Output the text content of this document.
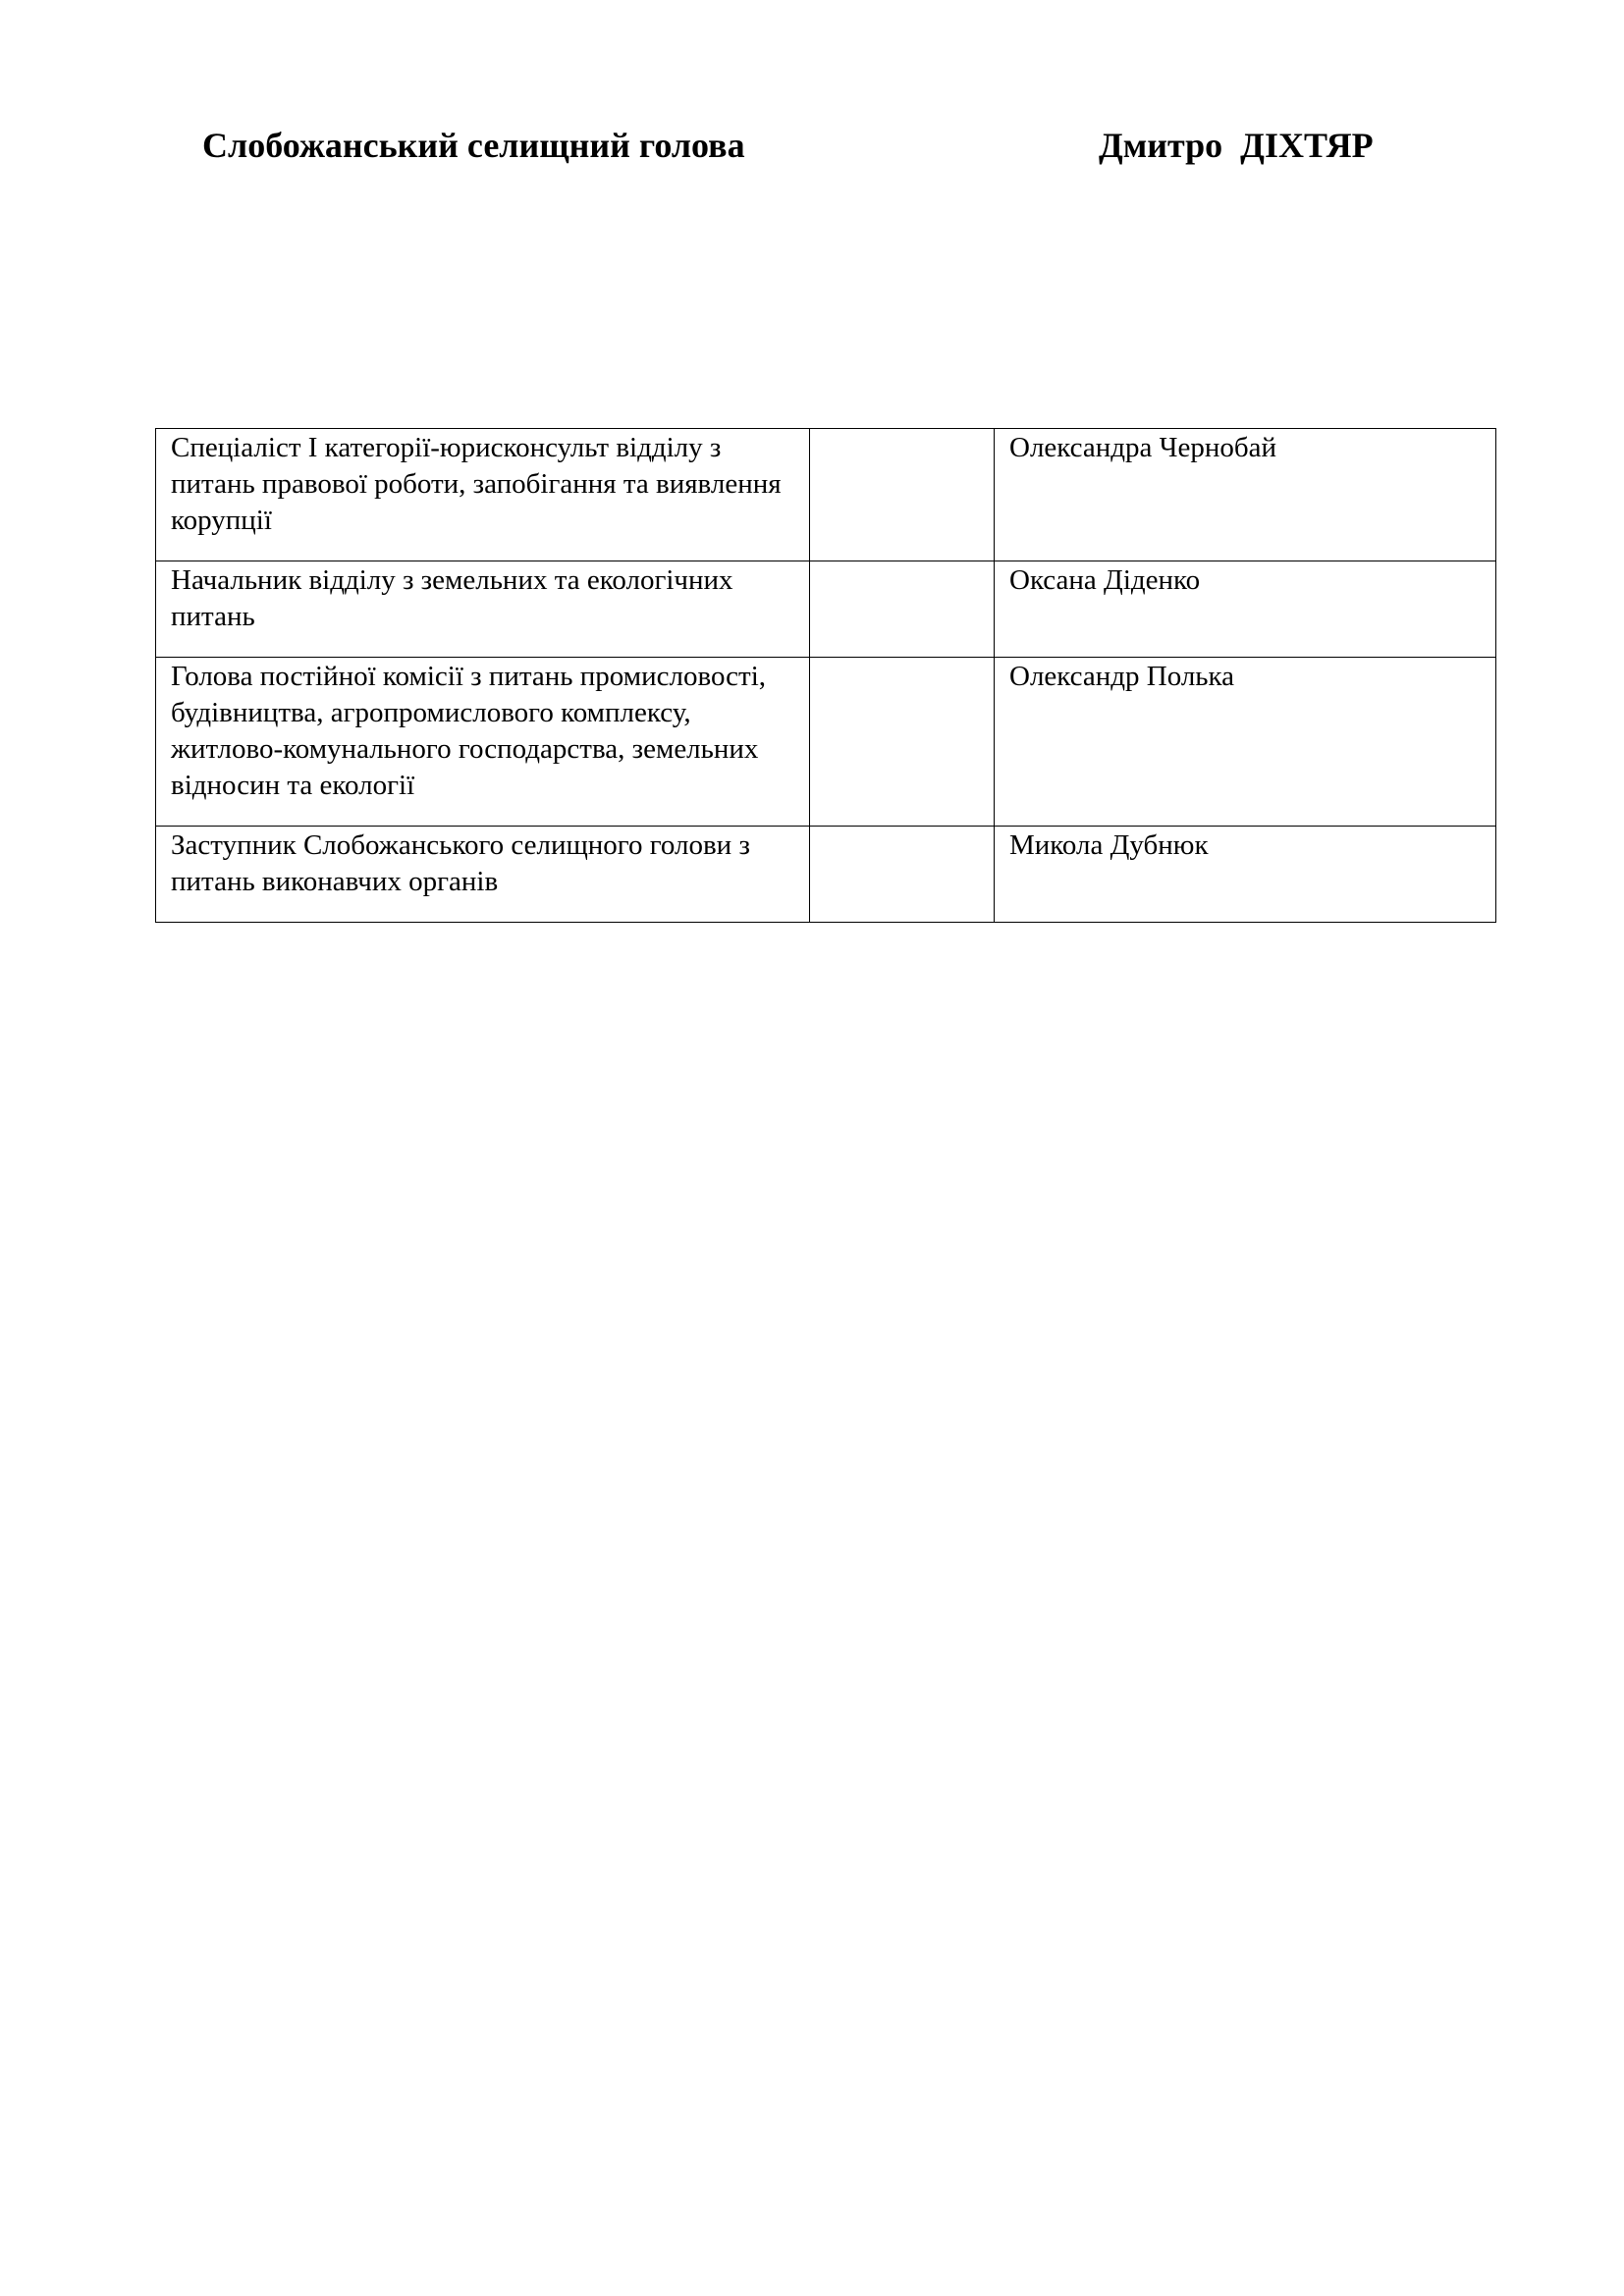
Слобожанський селищний голова	Дмитро  ДІХТЯР
Спеціаліст І категорії-юрисконсульт відділу з питань правової роботи, запобігання та виявлення корупції		Олександра Чернобай
Начальник відділу з земельних та екологічних питань		Оксана Діденко
Голова постійної комісії з питань промисловості, будівництва, агропромислового комплексу, житлово-комунального господарства, земельних відносин та екології		Олександр Полька
Заступник Слобожанського селищного голови з питань виконавчих органів		Микола Дубнюк
